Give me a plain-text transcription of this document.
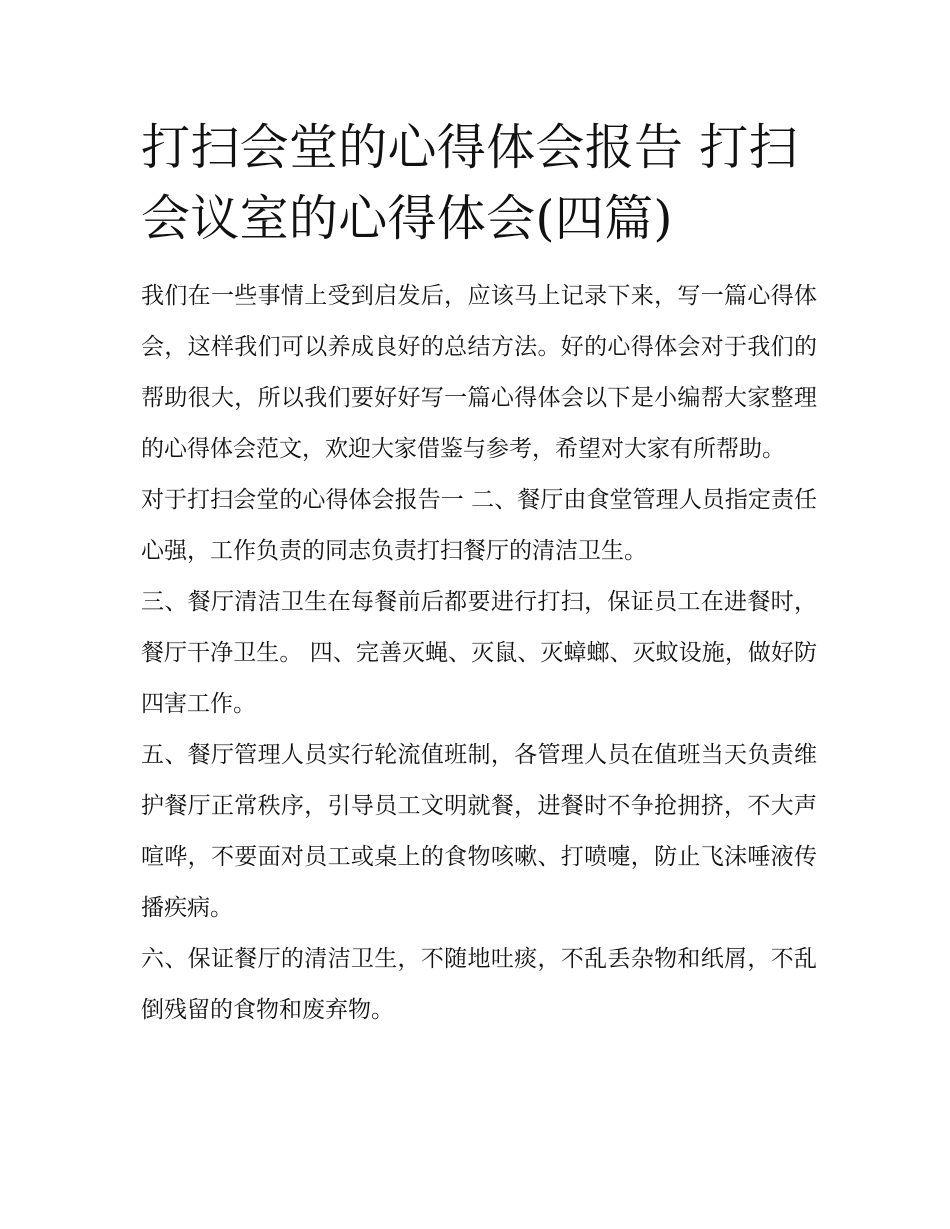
打扫会堂的心得体会报告 打扫会议室的心得体会(四篇)

我们在一些事情上受到启发后，应该马上记录下来，写一篇心得体会，这样我们可以养成良好的总结方法。好的心得体会对于我们的帮助很大，所以我们要好好写一篇心得体会以下是小编帮大家整理的心得体会范文，欢迎大家借鉴与参考，希望对大家有所帮助。

对于打扫会堂的心得体会报告一 二、餐厅由食堂管理人员指定责任心强，工作负责的同志负责打扫餐厅的清洁卫生。

三、餐厅清洁卫生在每餐前后都要进行打扫，保证员工在进餐时，餐厅干净卫生。 四、完善灭蝇、灭鼠、灭蟑螂、灭蚊设施，做好防四害工作。

五、餐厅管理人员实行轮流值班制，各管理人员在值班当天负责维护餐厅正常秩序，引导员工文明就餐，进餐时不争抢拥挤，不大声喧哗，不要面对员工或桌上的食物咳嗽、打喷嚏，防止飞沫唾液传播疾病。

六、保证餐厅的清洁卫生，不随地吐痰，不乱丢杂物和纸屑，不乱倒残留的食物和废弃物。
